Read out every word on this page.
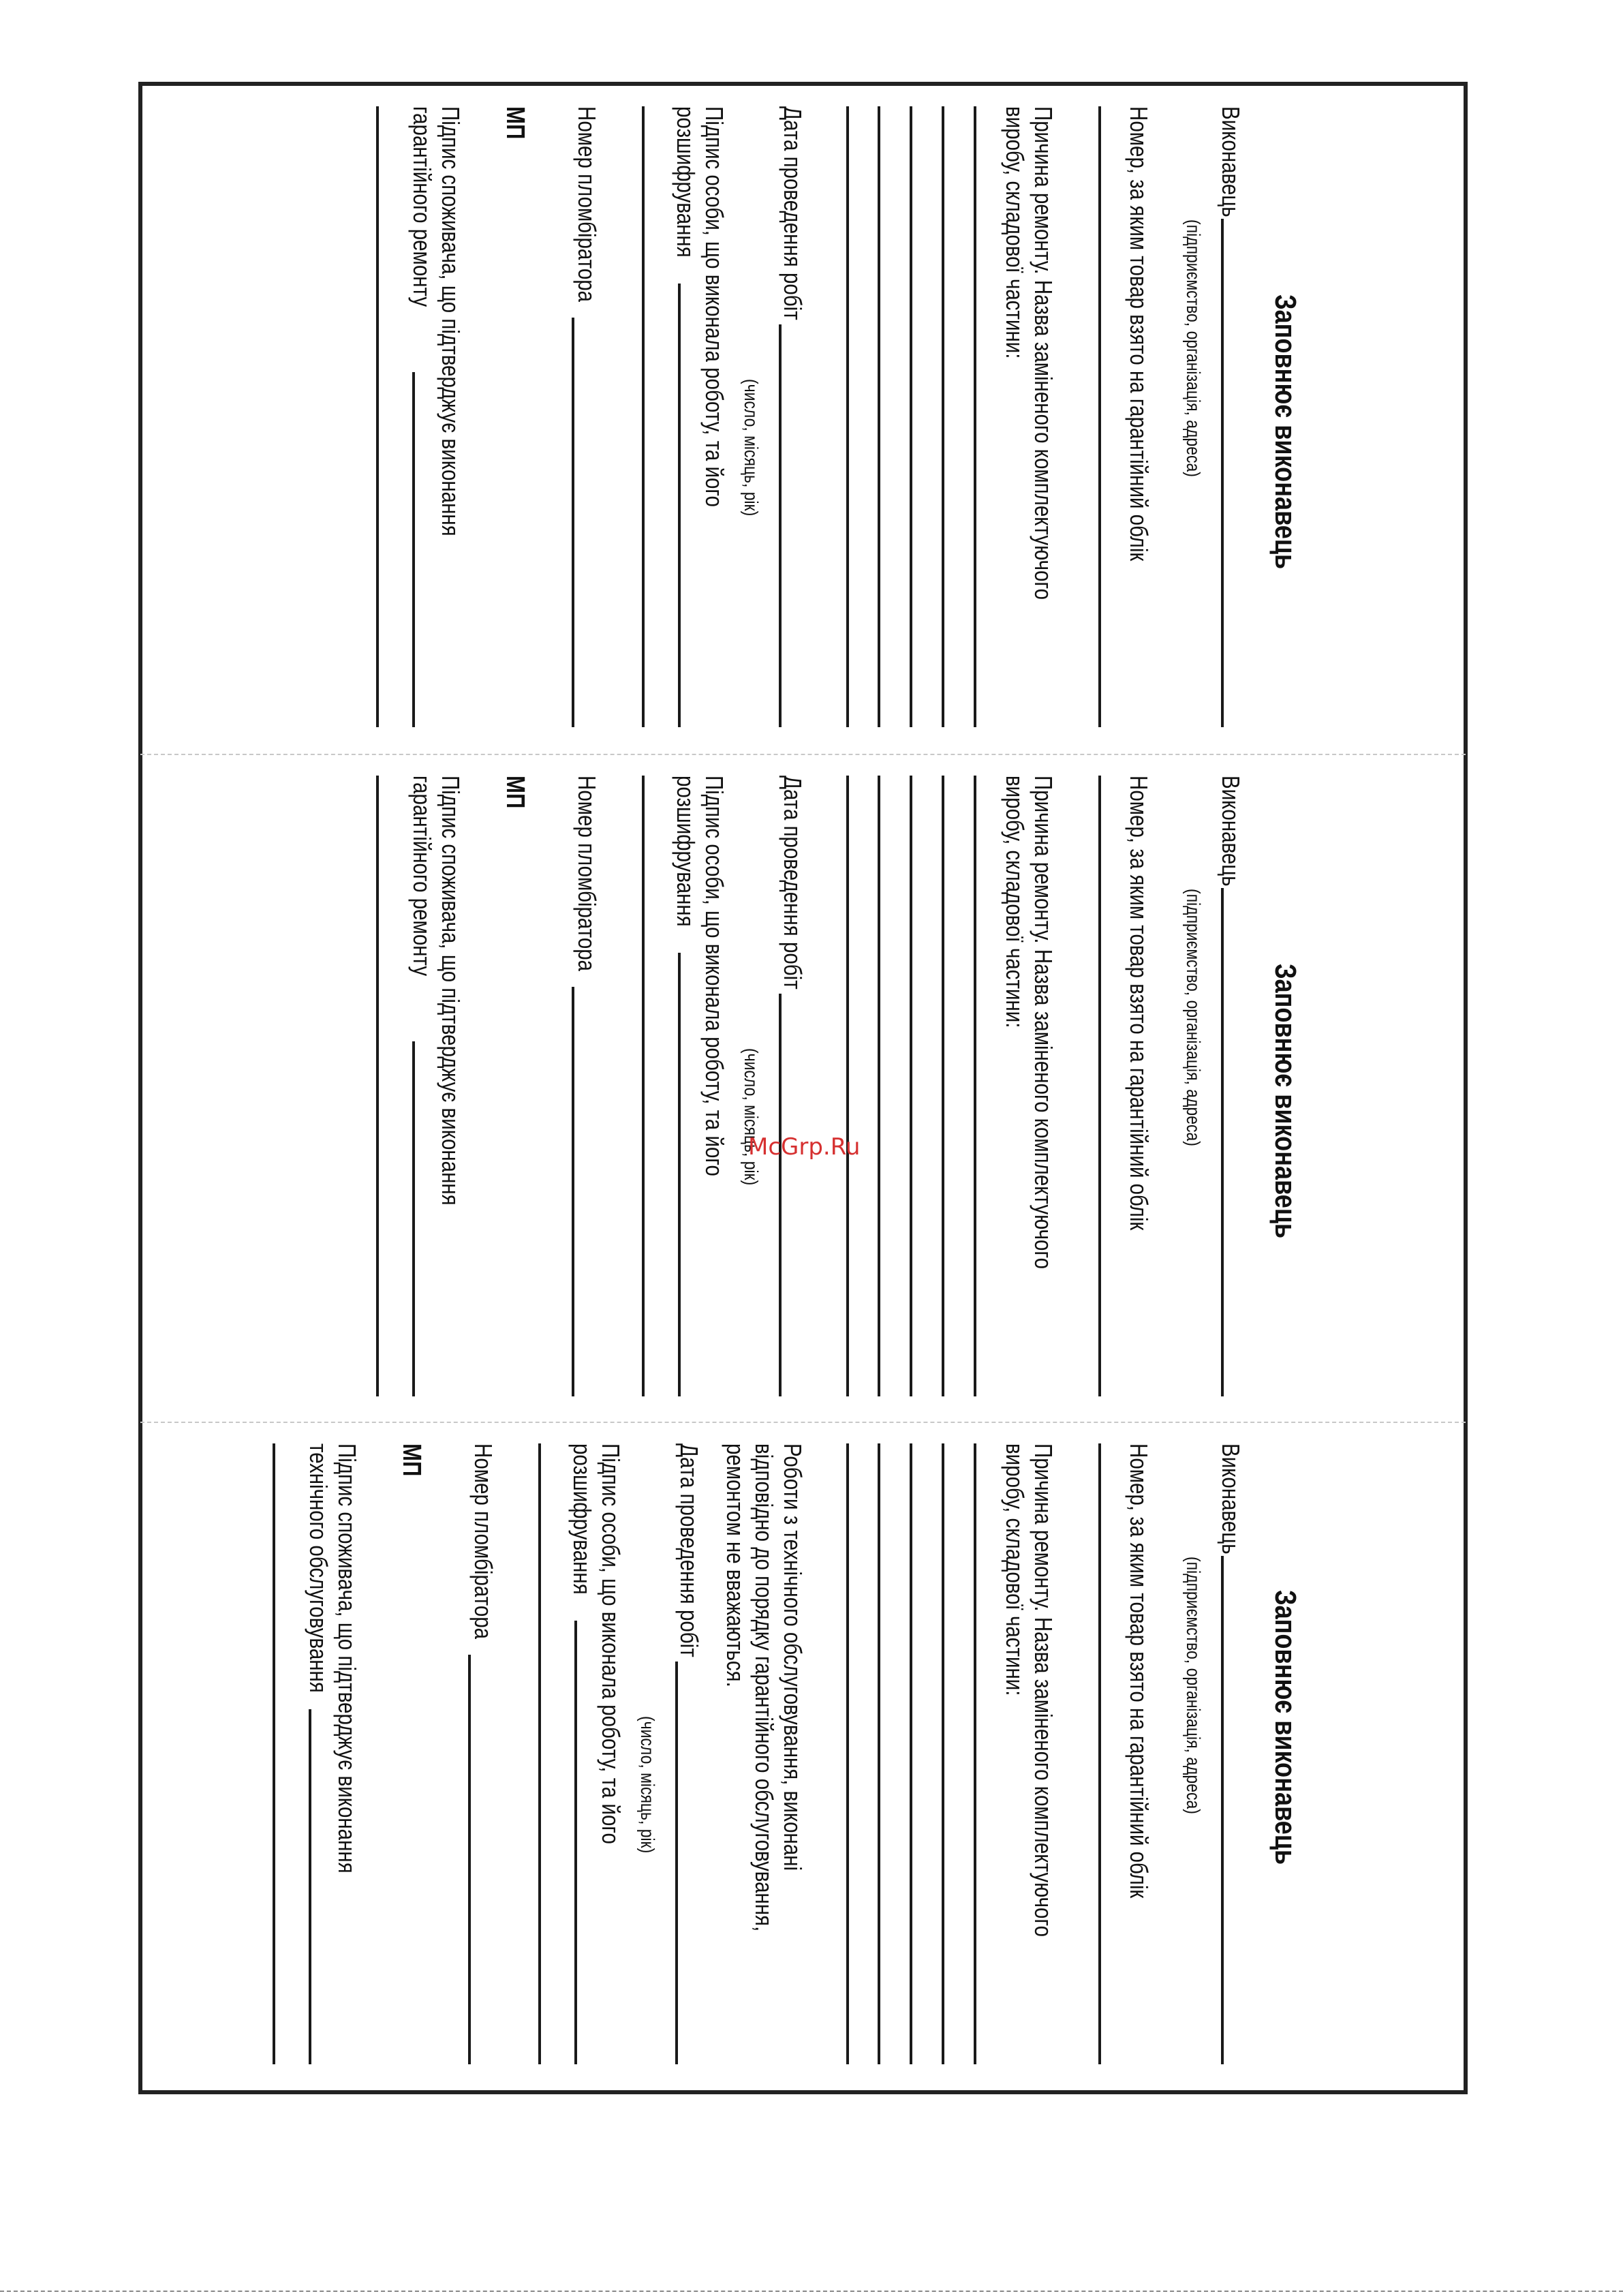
Заповнює виконавець
Виконавець
(підприємство, організація, адреса)
Номер, за яким товар взято на гарантійний облік
Причина ремонту. Назва заміненого комплектуючого
виробу, складової частини:
Дата проведення робіт
(число, місяць, рік)
Підпис особи, що виконала роботу, та його
розшифрування
Номер пломбіратора
МП
Підпис споживача, що підтверджує виконання
гарантійного ремонту
Заповнює виконавець
Виконавець
(підприємство, організація, адреса)
Номер, за яким товар взято на гарантійний облік
Причина ремонту. Назва заміненого комплектуючого
виробу, складової частини:
Дата проведення робіт
(число, місяць, рік)
Підпис особи, що виконала роботу, та його
розшифрування
Номер пломбіратора
МП
Підпис споживача, що підтверджує виконання
гарантійного ремонту
Заповнює виконавець
Виконавець
(підприємство, організація, адреса)
Номер, за яким товар взято на гарантійний облік
Причина ремонту. Назва заміненого комплектуючого
виробу, складової частини:
Роботи з технічного обслуговування, виконані
відповідно до порядку гарантійного обслуговування,
ремонтом не вважаються.
Дата проведення робіт
(число, місяць, рік)
Підпис особи, що виконала роботу, та його
розшифрування
Номер пломбіратора
МП
Підпис споживача, що підтверджує виконання
технічного обслуговування
McGrp.Ru
